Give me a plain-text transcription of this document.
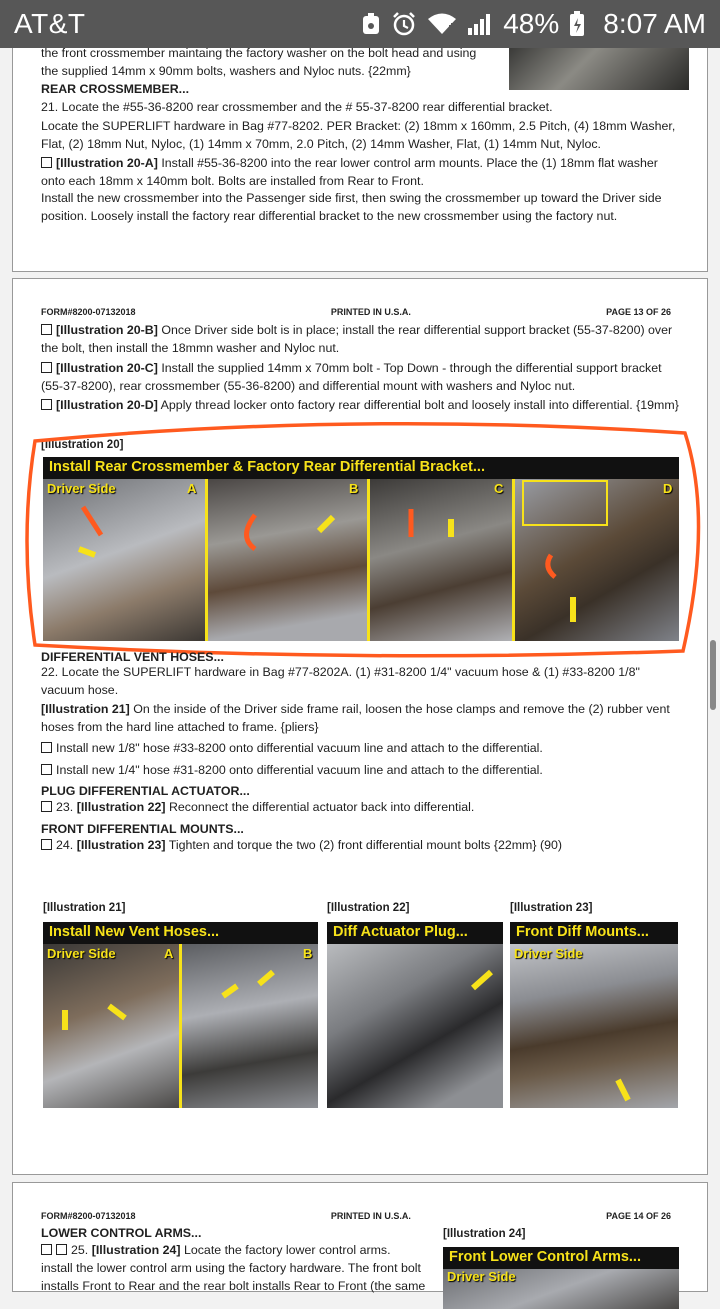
AT&T	48% 8:07 AM
the front crossmember maintaing the factory washer on the bolt head and using
the supplied 14mm x 90mm bolts, washers and Nyloc nuts. {22mm}
REAR CROSSMEMBER...
21. Locate the #55-36-8200 rear crossmember and the # 55-37-8200 rear differential bracket.
Locate the SUPERLIFT hardware in Bag #77-8202. PER Bracket: (2) 18mm x 160mm, 2.5 Pitch, (4) 18mm Washer, Flat, (2) 18mm Nut, Nyloc, (1) 14mm x 70mm, 2.0 Pitch, (2) 14mm Washer, Flat, (1) 14mm Nut, Nyloc.
[Illustration 20-A] Install #55-36-8200 into the rear lower control arm mounts. Place the (1) 18mm flat washer onto each 18mm x 140mm bolt. Bolts are installed from Rear to Front.
Install the new crossmember into the Passenger side first, then swing the crossmember up toward the Driver side position. Loosely install the factory rear differential bracket to the new crossmember using the factory nut.
FORM#8200-07132018	PRINTED IN U.S.A.	PAGE 13 OF 26
[Illustration 20-B] Once Driver side bolt is in place; install the rear differential support bracket (55-37-8200) over the bolt, then install the 18mmn washer and Nyloc nut.
[Illustration 20-C] Install the supplied 14mm x 70mm bolt - Top Down - through the differential support bracket (55-37-8200), rear crossmember (55-36-8200) and differential mount with washers and Nyloc nut.
[Illustration 20-D] Apply thread locker onto factory rear differential bolt and loosely install into differential. {19mm}
[Illustration 20]
Install Rear Crossmember & Factory Rear Differential Bracket...
Driver Side	A	B	C	D
DIFFERENTIAL VENT HOSES...
22. Locate the SUPERLIFT hardware in Bag #77-8202A. (1) #31-8200 1/4" vacuum hose & (1) #33-8200 1/8" vacuum hose.
[Illustration 21] On the inside of the Driver side frame rail, loosen the hose clamps and remove the (2) rubber vent hoses from the hard line attached to frame. {pliers}
Install new 1/8" hose #33-8200 onto differential vacuum line and attach to the differential.
Install new 1/4" hose #31-8200 onto differential vacuum line and attach to the differential.
PLUG DIFFERENTIAL ACTUATOR...
23. [Illustration 22] Reconnect the differential actuator back into differential.
FRONT DIFFERENTIAL MOUNTS...
24. [Illustration 23] Tighten and torque the two (2) front differential mount bolts {22mm} (90)
[Illustration 21]	[Illustration 22]	[Illustration 23]
Install New Vent Hoses...
Driver Side	A	B
Diff Actuator Plug...	Front Diff Mounts...
Driver Side
FORM#8200-07132018	PRINTED IN U.S.A.	PAGE 14 OF 26
LOWER CONTROL ARMS...
25. [Illustration 24] Locate the factory lower control arms.
install the lower control arm using the factory hardware. The front bolt
installs Front to Rear and the rear bolt installs Rear to Front (the same
[Illustration 24]
Front Lower Control Arms...
Driver Side
